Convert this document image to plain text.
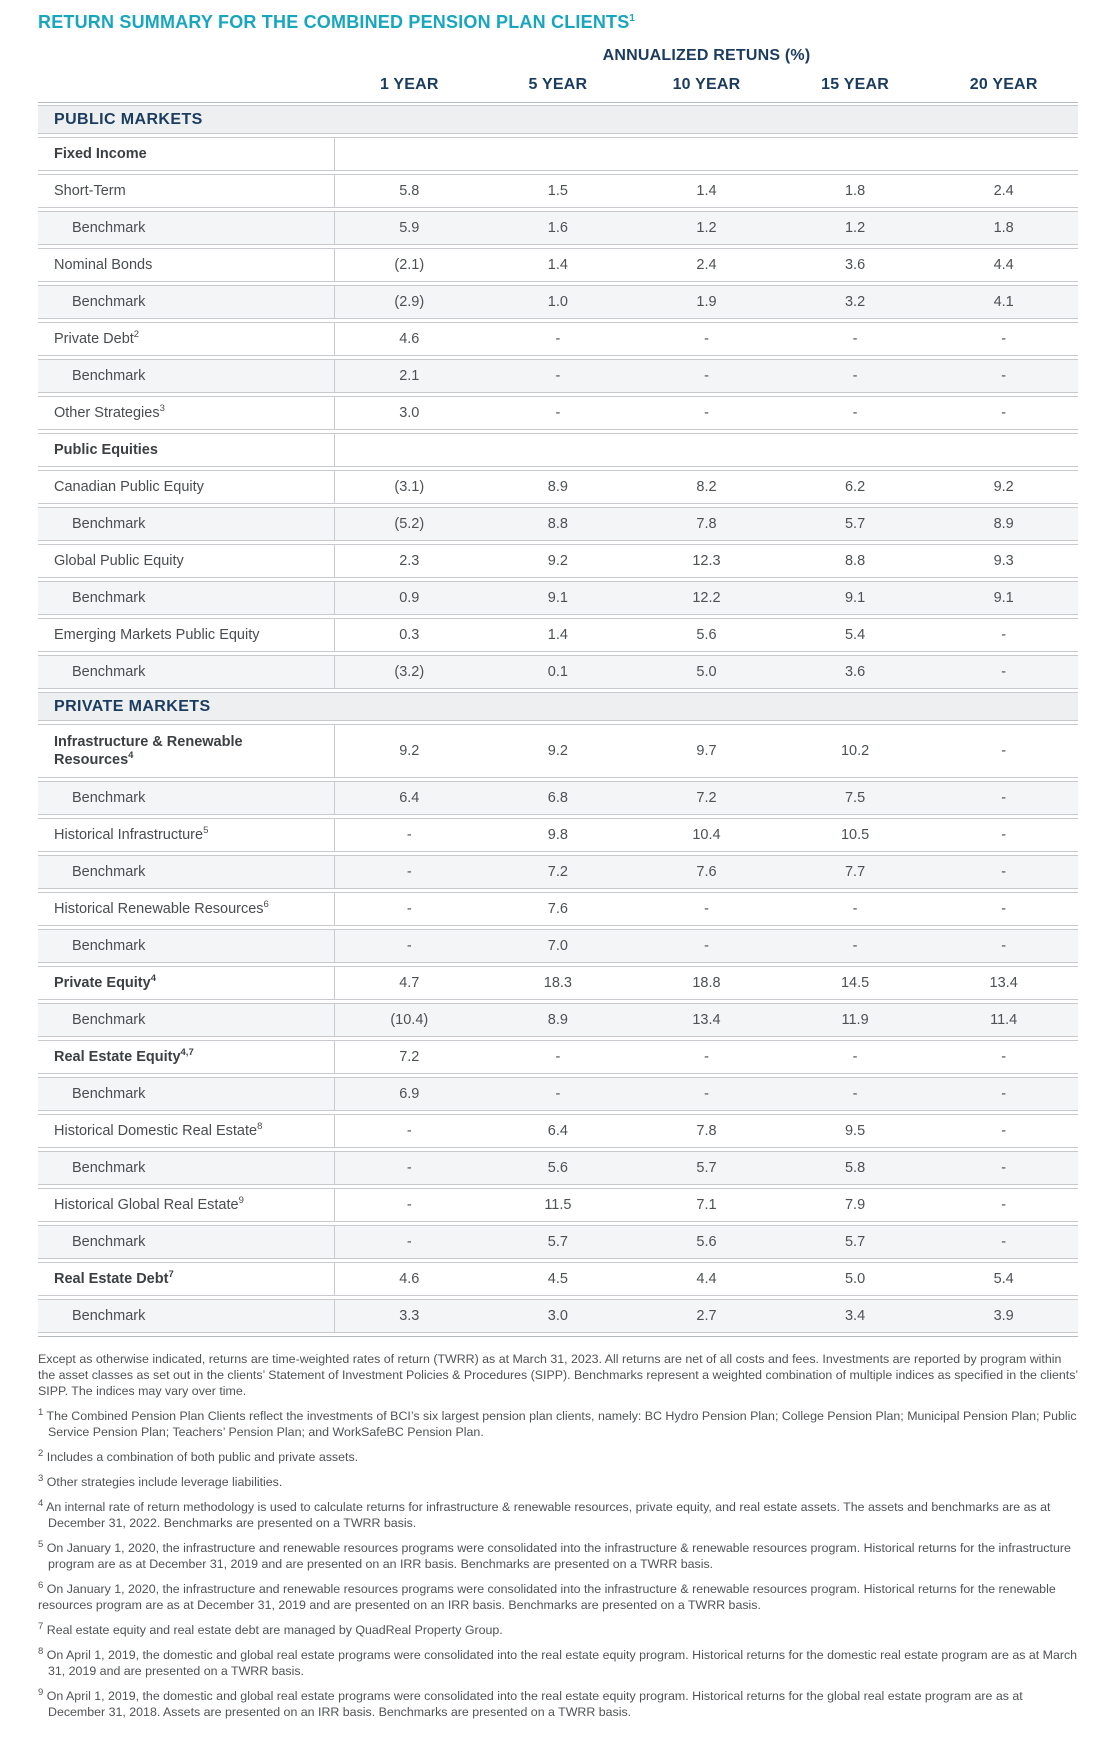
RETURN SUMMARY FOR THE COMBINED PENSION PLAN CLIENTS$^1$
ANNUALIZED RETUNS (%)
1 YEAR	5 YEAR	10 YEAR	15 YEAR	20 YEAR
PUBLIC MARKETS
Fixed Income
Short-Term	5.8	1.5	1.4	1.8	2.4
Benchmark	5.9	1.6	1.2	1.2	1.8
Nominal Bonds	(2.1)	1.4	2.4	3.6	4.4
Benchmark	(2.9)	1.0	1.9	3.2	4.1
Private Debt$^2$	4.6	-	-	-	-
Benchmark	2.1	-	-	-	-
Other Strategies$^3$	3.0	-	-	-	-
Public Equities
Canadian Public Equity	(3.1)	8.9	8.2	6.2	9.2
Benchmark	(5.2)	8.8	7.8	5.7	8.9
Global Public Equity	2.3	9.2	12.3	8.8	9.3
Benchmark	0.9	9.1	12.2	9.1	9.1
Emerging Markets Public Equity	0.3	1.4	5.6	5.4	-
Benchmark	(3.2)	0.1	5.0	3.6	-
PRIVATE MARKETS
Infrastructure & Renewable Resources$^4$	9.2	9.2	9.7	10.2	-
Benchmark	6.4	6.8	7.2	7.5	-
Historical Infrastructure$^5$	-	9.8	10.4	10.5	-
Benchmark	-	7.2	7.6	7.7	-
Historical Renewable Resources$^6$	-	7.6	-	-	-
Benchmark	-	7.0	-	-	-
Private Equity$^4$	4.7	18.3	18.8	14.5	13.4
Benchmark	(10.4)	8.9	13.4	11.9	11.4
Real Estate Equity$^{4,7}$	7.2	-	-	-	-
Benchmark	6.9	-	-	-	-
Historical Domestic Real Estate$^8$	-	6.4	7.8	9.5	-
Benchmark	-	5.6	5.7	5.8	-
Historical Global Real Estate$^9$	-	11.5	7.1	7.9	-
Benchmark	-	5.7	5.6	5.7	-
Real Estate Debt$^7$	4.6	4.5	4.4	5.0	5.4
Benchmark	3.3	3.0	2.7	3.4	3.9

Except as otherwise indicated, returns are time-weighted rates of return (TWRR) as at March 31, 2023. All returns are net of all costs and fees. Investments are reported by program within the asset classes as set out in the clients’ Statement of Investment Policies & Procedures (SIPP). Benchmarks represent a weighted combination of multiple indices as specified in the clients’ SIPP. The indices may vary over time.

$^1$ The Combined Pension Plan Clients reflect the investments of BCI’s six largest pension plan clients, namely: BC Hydro Pension Plan; College Pension Plan; Municipal Pension Plan; Public Service Pension Plan; Teachers’ Pension Plan; and WorkSafeBC Pension Plan.

$^2$ Includes a combination of both public and private assets.

$^3$ Other strategies include leverage liabilities.

$^4$ An internal rate of return methodology is used to calculate returns for infrastructure & renewable resources, private equity, and real estate assets. The assets and benchmarks are as at December 31, 2022. Benchmarks are presented on a TWRR basis.

$^5$ On January 1, 2020, the infrastructure and renewable resources programs were consolidated into the infrastructure & renewable resources program. Historical returns for the infrastructure program are as at December 31, 2019 and are presented on an IRR basis. Benchmarks are presented on a TWRR basis.

$^6$ On January 1, 2020, the infrastructure and renewable resources programs were consolidated into the infrastructure & renewable resources program. Historical returns for the renewable resources program are as at December 31, 2019 and are presented on an IRR basis. Benchmarks are presented on a TWRR basis.

$^7$ Real estate equity and real estate debt are managed by QuadReal Property Group.

$^8$ On April 1, 2019, the domestic and global real estate programs were consolidated into the real estate equity program. Historical returns for the domestic real estate program are as at March 31, 2019 and are presented on a TWRR basis.

$^9$ On April 1, 2019, the domestic and global real estate programs were consolidated into the real estate equity program. Historical returns for the global real estate program are as at December 31, 2018. Assets are presented on an IRR basis. Benchmarks are presented on a TWRR basis.
